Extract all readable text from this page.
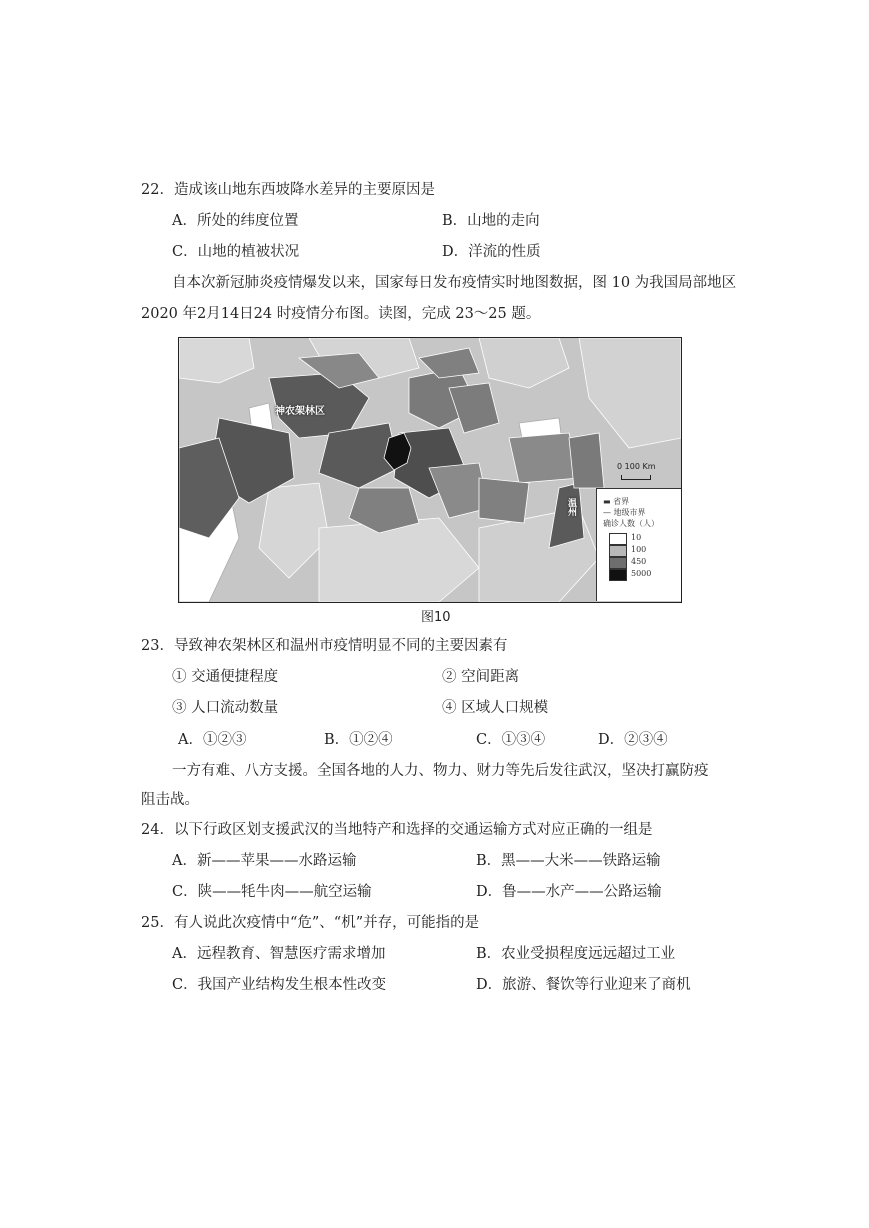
22．造成该山地东西坡降水差异的主要原因是
A．所处的纬度位置	B．山地的走向
C．山地的植被状况	D．洋流的性质
自本次新冠肺炎疫情爆发以来，国家每日发布疫情实时地图数据，图 10 为我国局部地区
2020 年2月14日24 时疫情分布图。读图，完成 23～25 题。
神农架林区
温州
0 100 Km
▬ 省界
— 地级市界
确诊人数（人）
10
100
450
5000
图10
23．导致神农架林区和温州市疫情明显不同的主要因素有
① 交通便捷程度	② 空间距离
③ 人口流动数量	④ 区域人口规模
A．①②③	B．①②④	C．①③④	D．②③④
一方有难、八方支援。全国各地的人力、物力、财力等先后发往武汉，坚决打赢防疫
阻击战。
24．以下行政区划支援武汉的当地特产和选择的交通运输方式对应正确的一组是
A．新——苹果——水路运输	B．黑——大米——铁路运输
C．陕——牦牛肉——航空运输	D．鲁——水产——公路运输
25．有人说此次疫情中“危”、“机”并存，可能指的是
A．远程教育、智慧医疗需求增加	B．农业受损程度远远超过工业
C．我国产业结构发生根本性改变	D．旅游、餐饮等行业迎来了商机
